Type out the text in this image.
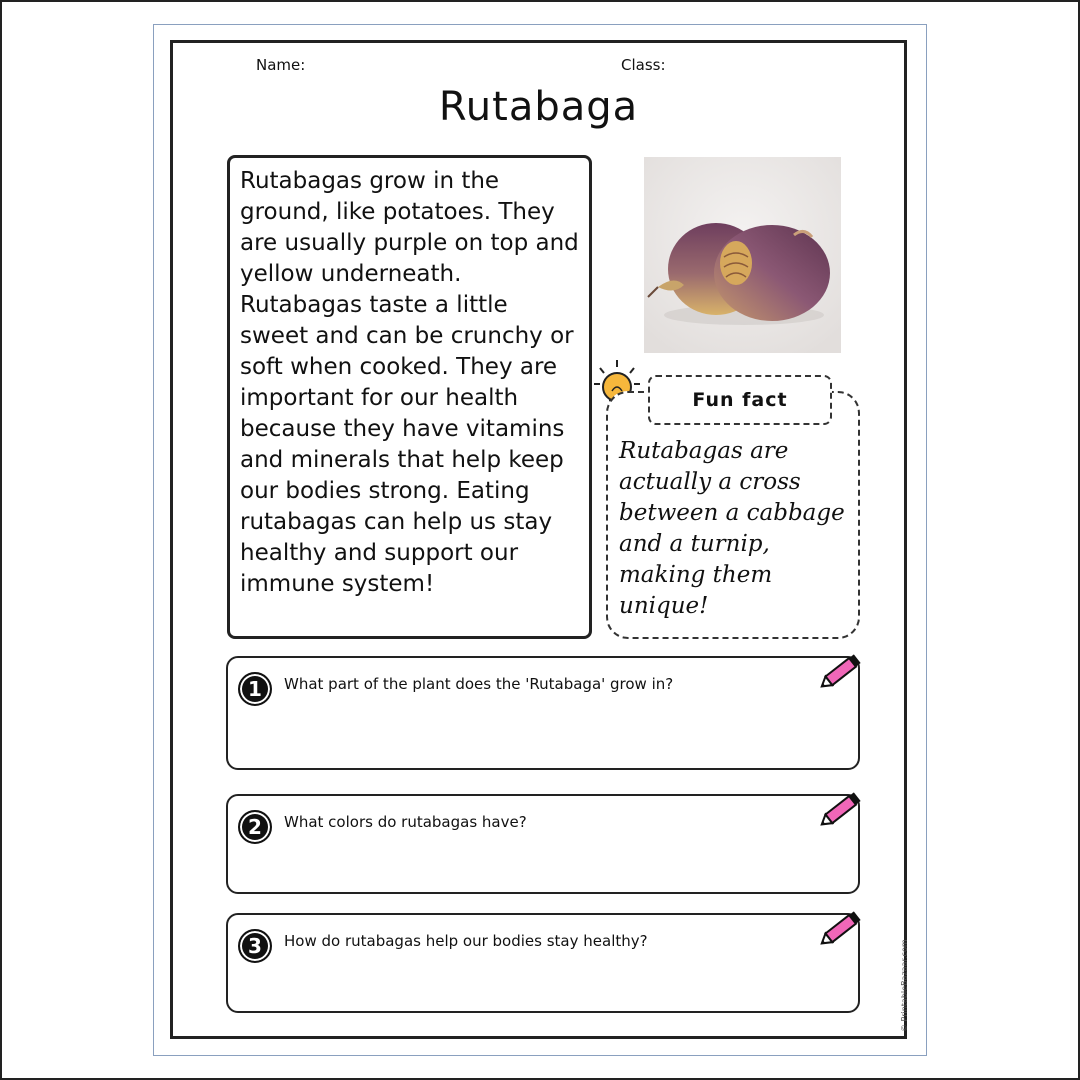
Name:	Class:
Rutabaga
Rutabagas grow in the ground, like potatoes. They are usually purple on top and yellow underneath. Rutabagas taste a little sweet and can be crunchy or soft when cooked. They are important for our health because they have vitamins and minerals that help keep our bodies strong. Eating rutabagas can help us stay healthy and support our immune system!
Fun fact
Rutabagas are actually a cross between a cabbage and a turnip, making them unique!
1	What part of the plant does the 'Rutabaga' grow in?
2	What colors do rutabagas have?
3	How do rutabagas help our bodies stay healthy?	© PrintableBazaar.com
